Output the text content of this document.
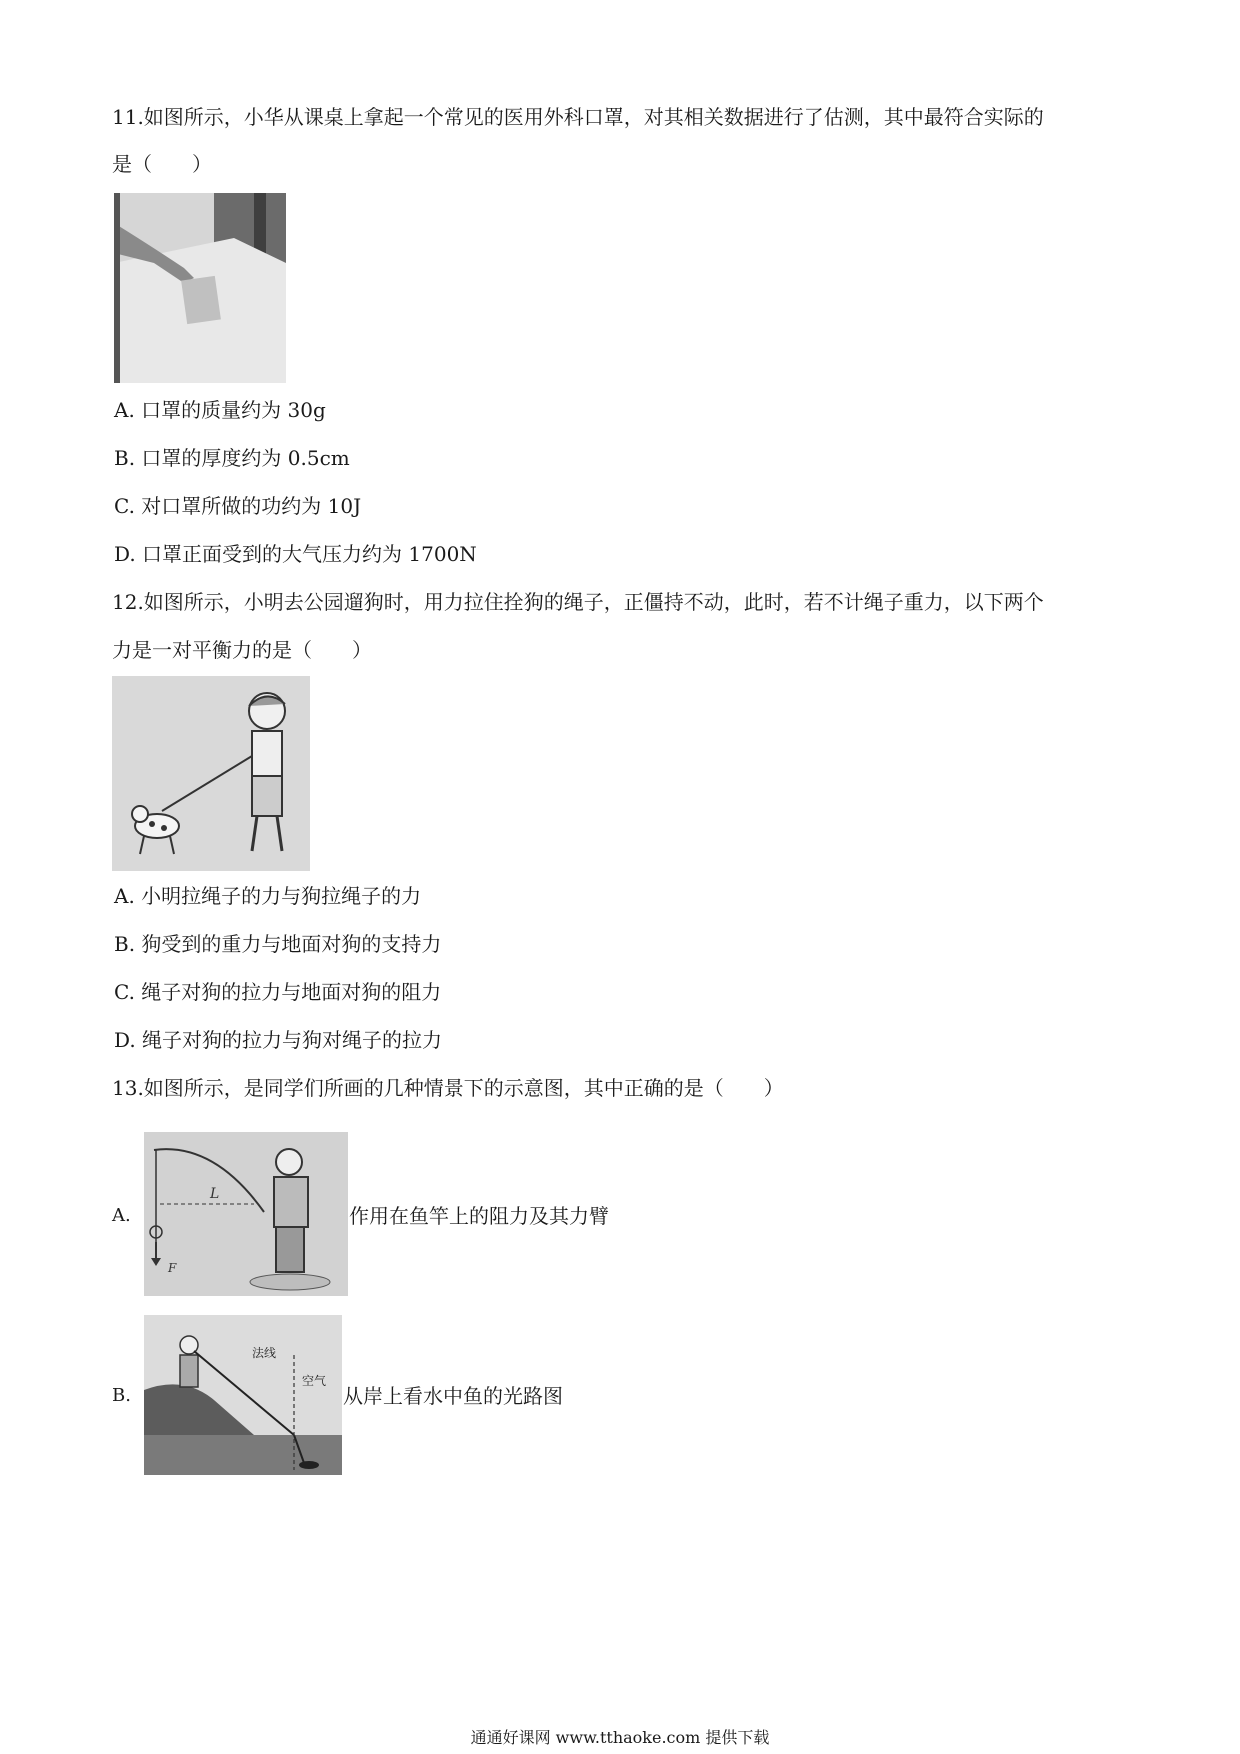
11.如图所示，小华从课桌上拿起一个常见的医用外科口罩，对其相关数据进行了估测，其中最符合实际的
是（　　）
A. 口罩的质量约为 30g
B. 口罩的厚度约为 0.5cm
C. 对口罩所做的功约为 10J
D. 口罩正面受到的大气压力约为 1700N
12.如图所示，小明去公园遛狗时，用力拉住拴狗的绳子，正僵持不动，此时，若不计绳子重力，以下两个
力是一对平衡力的是（　　）
A. 小明拉绳子的力与狗拉绳子的力
B. 狗受到的重力与地面对狗的支持力
C. 绳子对狗的拉力与地面对狗的阻力
D. 绳子对狗的拉力与狗对绳子的拉力
13.如图所示，是同学们所画的几种情景下的示意图，其中正确的是（　　）
A.
F
L
作用在鱼竿上的阻力及其力臂
B.
法线
空气
从岸上看水中鱼的光路图
通通好课网 www.tthaoke.com 提供下载
